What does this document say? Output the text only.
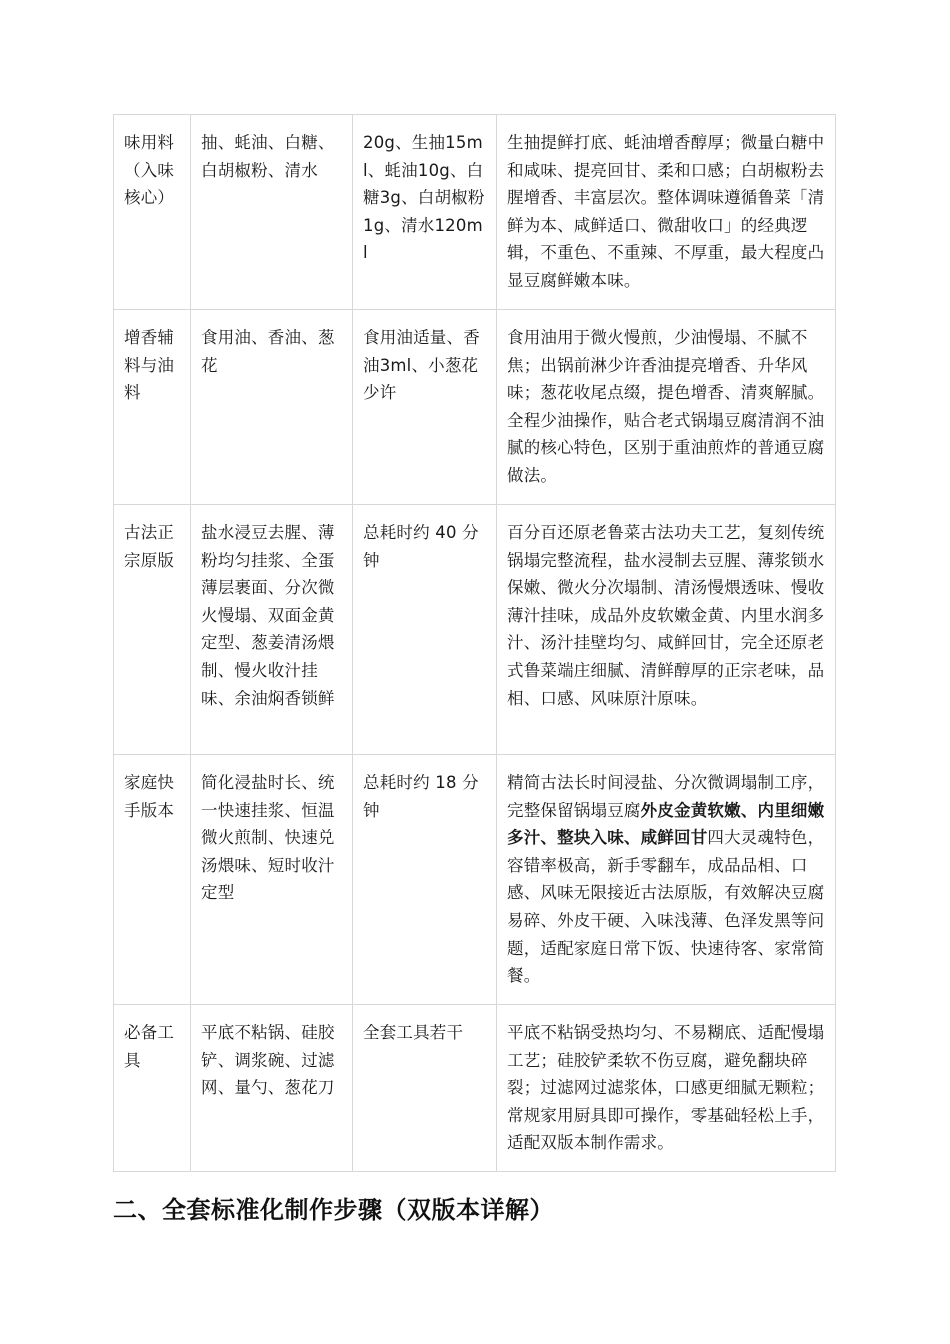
味用料（入味核心）	抽、蚝油、白糖、白胡椒粉、清水	20g、生抽15ml、蚝油10g、白糖3g、白胡椒粉1g、清水120ml	生抽提鲜打底、蚝油增香醇厚；微量白糖中和咸味、提亮回甘、柔和口感；白胡椒粉去腥增香、丰富层次。整体调味遵循鲁菜「清鲜为本、咸鲜适口、微甜收口」的经典逻辑，不重色、不重辣、不厚重，最大程度凸显豆腐鲜嫩本味。
增香辅料与油料	食用油、香油、葱花	食用油适量、香油3ml、小葱花少许	食用油用于微火慢煎，少油慢塌、不腻不焦；出锅前淋少许香油提亮增香、升华风味；葱花收尾点缀，提色增香、清爽解腻。全程少油操作，贴合老式锅塌豆腐清润不油腻的核心特色，区别于重油煎炸的普通豆腐做法。
古法正宗原版	盐水浸豆去腥、薄粉均匀挂浆、全蛋薄层裹面、分次微火慢塌、双面金黄定型、葱姜清汤煨制、慢火收汁挂味、余油焖香锁鲜	总耗时约 40 分钟	百分百还原老鲁菜古法功夫工艺，复刻传统锅塌完整流程，盐水浸制去豆腥、薄浆锁水保嫩、微火分次塌制、清汤慢煨透味、慢收薄汁挂味，成品外皮软嫩金黄、内里水润多汁、汤汁挂壁均匀、咸鲜回甘，完全还原老式鲁菜端庄细腻、清鲜醇厚的正宗老味，品相、口感、风味原汁原味。
家庭快手版本	简化浸盐时长、统一快速挂浆、恒温微火煎制、快速兑汤煨味、短时收汁定型	总耗时约 18 分钟	精简古法长时间浸盐、分次微调塌制工序，完整保留锅塌豆腐外皮金黄软嫩、内里细嫩多汁、整块入味、咸鲜回甘四大灵魂特色，容错率极高，新手零翻车，成品品相、口感、风味无限接近古法原版，有效解决豆腐易碎、外皮干硬、入味浅薄、色泽发黑等问题，适配家庭日常下饭、快速待客、家常简餐。
必备工具	平底不粘锅、硅胶铲、调浆碗、过滤网、量勺、葱花刀	全套工具若干	平底不粘锅受热均匀、不易糊底、适配慢塌工艺；硅胶铲柔软不伤豆腐，避免翻块碎裂；过滤网过滤浆体，口感更细腻无颗粒；常规家用厨具即可操作，零基础轻松上手，适配双版本制作需求。
二、全套标准化制作步骤（双版本详解）
